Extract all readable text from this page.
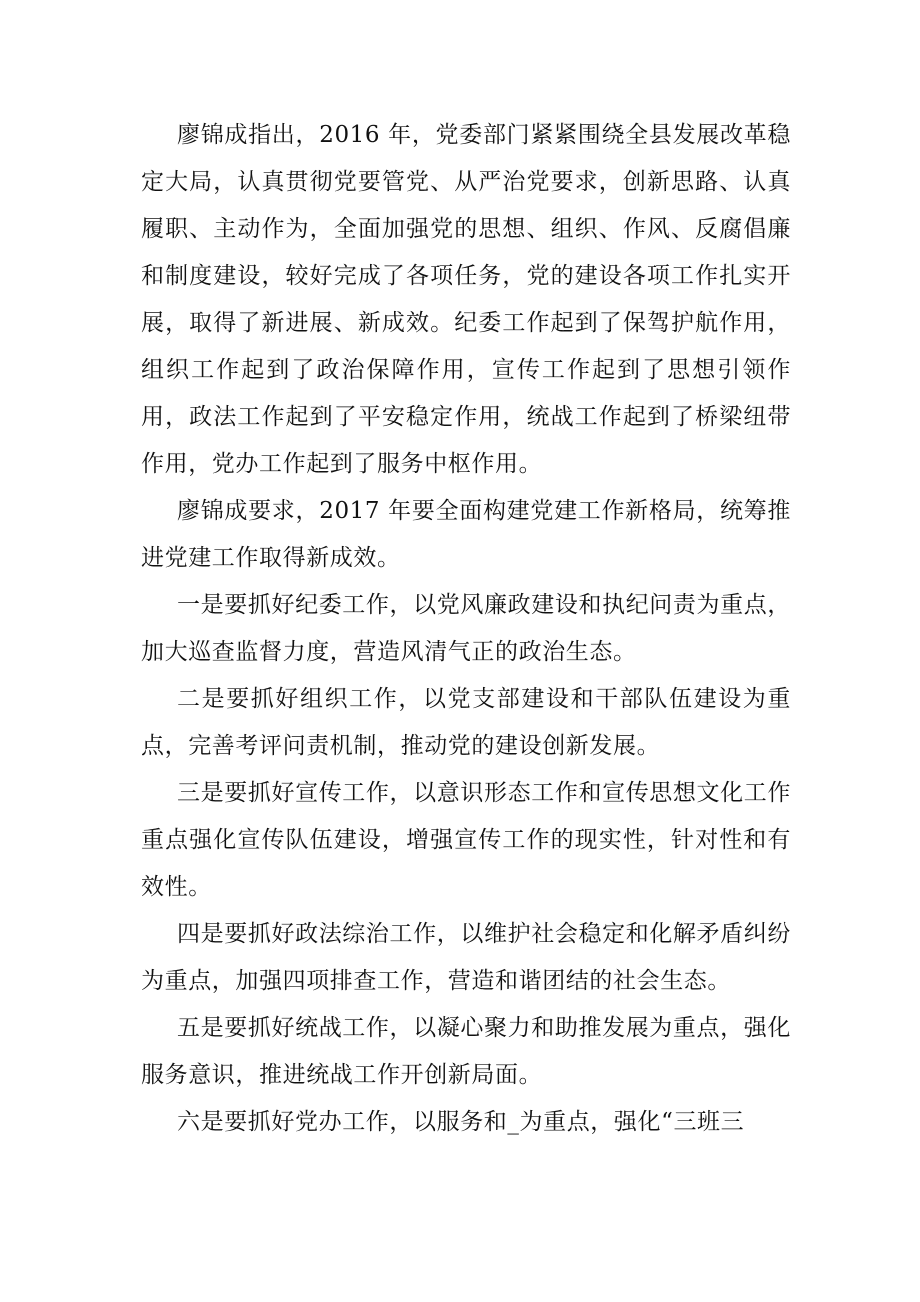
廖锦成指出，2016 年，党委部门紧紧围绕全县发展改革稳定大局，认真贯彻党要管党、从严治党要求，创新思路、认真履职、主动作为，全面加强党的思想、组织、作风、反腐倡廉和制度建设，较好完成了各项任务，党的建设各项工作扎实开展，取得了新进展、新成效。纪委工作起到了保驾护航作用，组织工作起到了政治保障作用，宣传工作起到了思想引领作用，政法工作起到了平安稳定作用，统战工作起到了桥梁纽带作用，党办工作起到了服务中枢作用。

廖锦成要求，2017 年要全面构建党建工作新格局，统筹推进党建工作取得新成效。

一是要抓好纪委工作，以党风廉政建设和执纪问责为重点，加大巡查监督力度，营造风清气正的政治生态。

二是要抓好组织工作，以党支部建设和干部队伍建设为重点，完善考评问责机制，推动党的建设创新发展。

三是要抓好宣传工作，以意识形态工作和宣传思想文化工作重点强化宣传队伍建设，增强宣传工作的现实性，针对性和有效性。

四是要抓好政法综治工作，以维护社会稳定和化解矛盾纠纷为重点，加强四项排查工作，营造和谐团结的社会生态。

五是要抓好统战工作，以凝心聚力和助推发展为重点，强化服务意识，推进统战工作开创新局面。

六是要抓好党办工作，以服务和_为重点，强化“三班三
